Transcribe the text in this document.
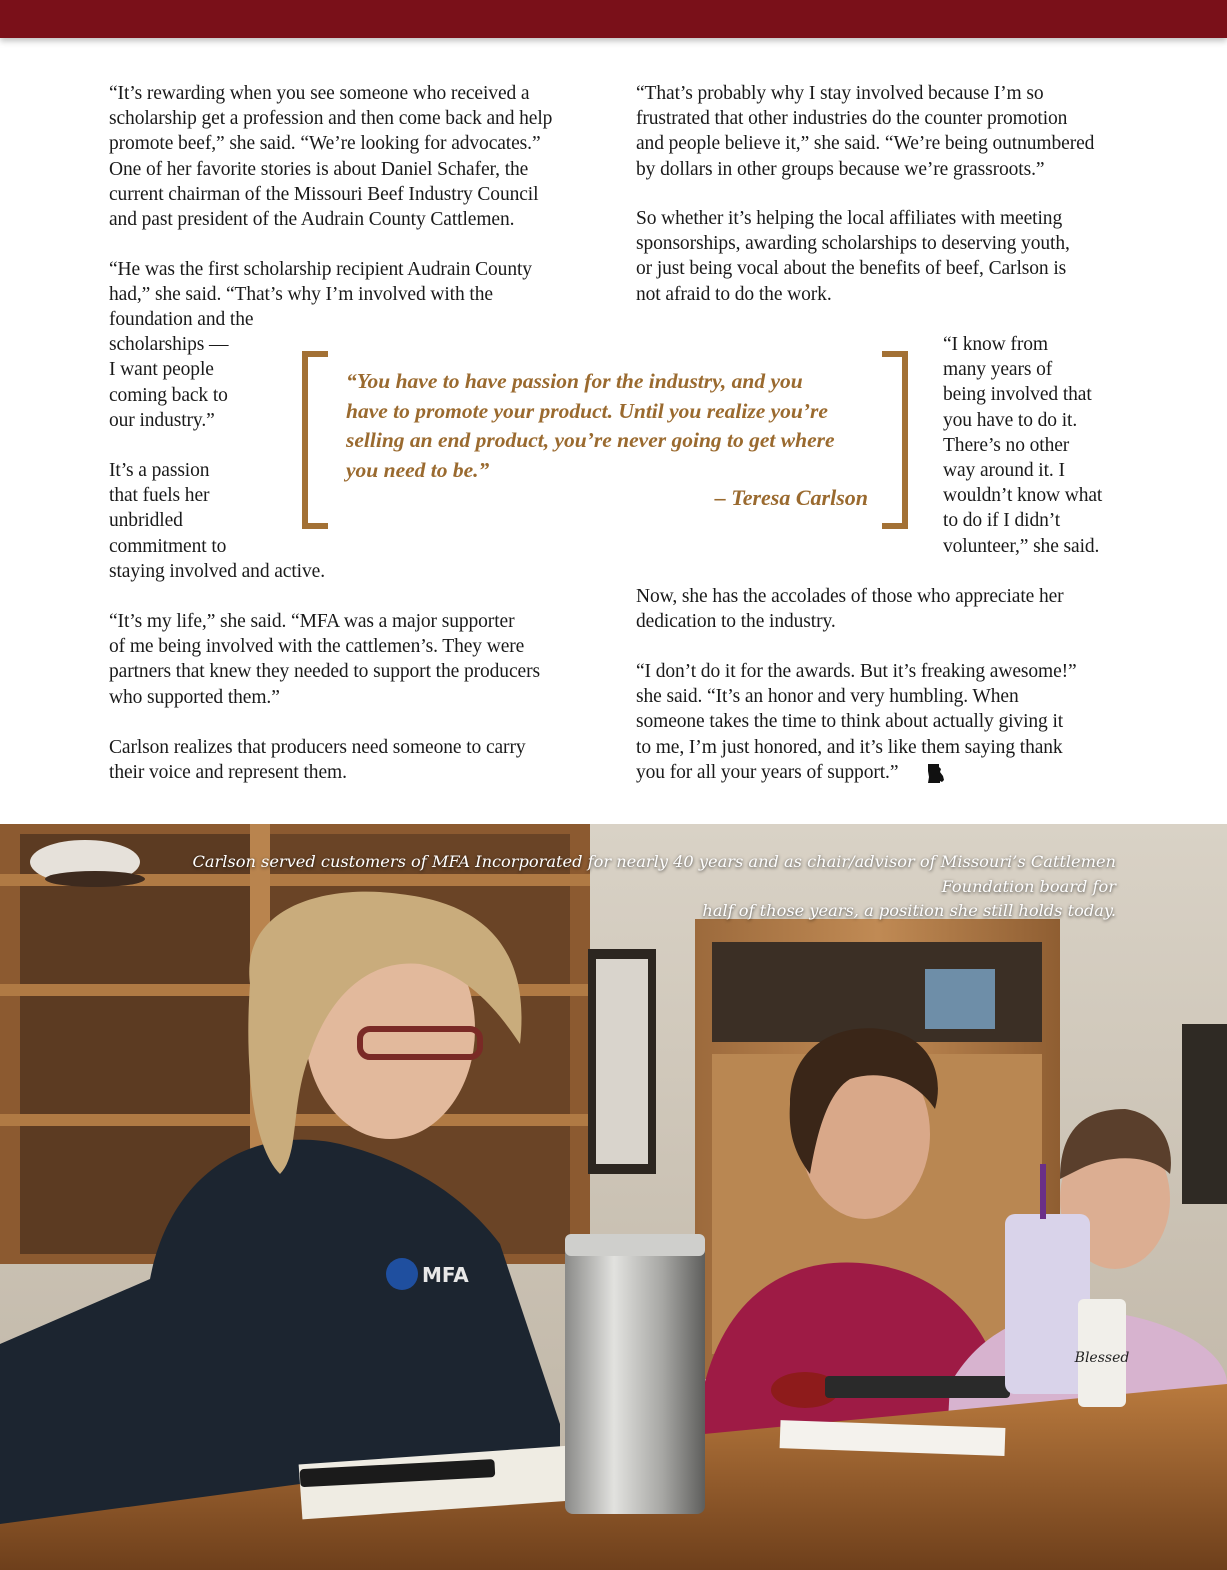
“It’s rewarding when you see someone who received a
scholarship get a profession and then come back and help
promote beef,” she said. “We’re looking for advocates.”
One of her favorite stories is about Daniel Schafer, the
current chairman of the Missouri Beef Industry Council
and past president of the Audrain County Cattlemen.

“He was the first scholarship recipient Audrain County
had,” she said. “That’s why I’m involved with the

foundation and the
scholarships —
I want people
coming back to
our industry.”

It’s a passion
that fuels her
unbridled
commitment to

staying involved and active.

“It’s my life,” she said. “MFA was a major supporter
of me being involved with the cattlemen’s. They were
partners that knew they needed to support the producers
who supported them.”

Carlson realizes that producers need someone to carry
their voice and represent them.

“That’s probably why I stay involved because I’m so
frustrated that other industries do the counter promotion
and people believe it,” she said. “We’re being outnumbered
by dollars in other groups because we’re grassroots.”

So whether it’s helping the local affiliates with meeting
sponsorships, awarding scholarships to deserving youth,
or just being vocal about the benefits of beef, Carlson is
not afraid to do the work.

“I know from
many years of
being involved that
you have to do it.
There’s no other
way around it. I
wouldn’t know what
to do if I didn’t
volunteer,” she said.

Now, she has the accolades of those who appreciate her
dedication to the industry.

“I don’t do it for the awards. But it’s freaking awesome!”
she said. “It’s an honor and very humbling. When
someone takes the time to think about actually giving it
to me, I’m just honored, and it’s like them saying thank
you for all your years of support.”

“You have to have passion for the industry, and you
have to promote your product. Until you realize you’re
selling an end product, you’re never going to get where
you need to be.”

– Teresa Carlson
Blessed
MFA

Carlson served customers of MFA Incorporated for nearly 40 years and as chair/advisor of Missouri’s Cattlemen Foundation board for
half of those years, a position she still holds today.
